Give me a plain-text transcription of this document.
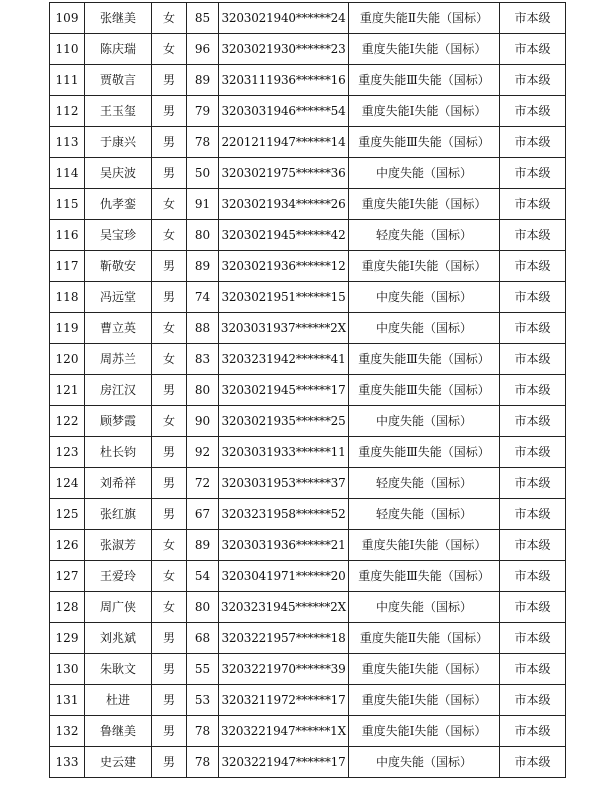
109	张继美	女	85	3203021940******24	重度失能Ⅱ失能（国标）	市本级
110	陈庆瑞	女	96	3203021930******23	重度失能Ⅰ失能（国标）	市本级
111	贾敬言	男	89	3203111936******16	重度失能Ⅲ失能（国标）	市本级
112	王玉玺	男	79	3203031946******54	重度失能Ⅰ失能（国标）	市本级
113	于康兴	男	78	2201211947******14	重度失能Ⅲ失能（国标）	市本级
114	吴庆波	男	50	3203021975******36	中度失能（国标）	市本级
115	仇孝銮	女	91	3203021934******26	重度失能Ⅰ失能（国标）	市本级
116	吴宝珍	女	80	3203021945******42	轻度失能（国标）	市本级
117	靳敬安	男	89	3203021936******12	重度失能Ⅰ失能（国标）	市本级
118	冯远堂	男	74	3203021951******15	中度失能（国标）	市本级
119	曹立英	女	88	3203031937******2X	中度失能（国标）	市本级
120	周苏兰	女	83	3203231942******41	重度失能Ⅲ失能（国标）	市本级
121	房江汉	男	80	3203021945******17	重度失能Ⅲ失能（国标）	市本级
122	顾梦霞	女	90	3203021935******25	中度失能（国标）	市本级
123	杜长钧	男	92	3203031933******11	重度失能Ⅲ失能（国标）	市本级
124	刘希祥	男	72	3203031953******37	轻度失能（国标）	市本级
125	张红旗	男	67	3203231958******52	轻度失能（国标）	市本级
126	张淑芳	女	89	3203031936******21	重度失能Ⅰ失能（国标）	市本级
127	王爱玲	女	54	3203041971******20	重度失能Ⅲ失能（国标）	市本级
128	周广侠	女	80	3203231945******2X	中度失能（国标）	市本级
129	刘兆斌	男	68	3203221957******18	重度失能Ⅱ失能（国标）	市本级
130	朱耿文	男	55	3203221970******39	重度失能Ⅰ失能（国标）	市本级
131	杜进	男	53	3203211972******17	重度失能Ⅰ失能（国标）	市本级
132	鲁继美	男	78	3203221947******1X	重度失能Ⅰ失能（国标）	市本级
133	史云建	男	78	3203221947******17	中度失能（国标）	市本级
